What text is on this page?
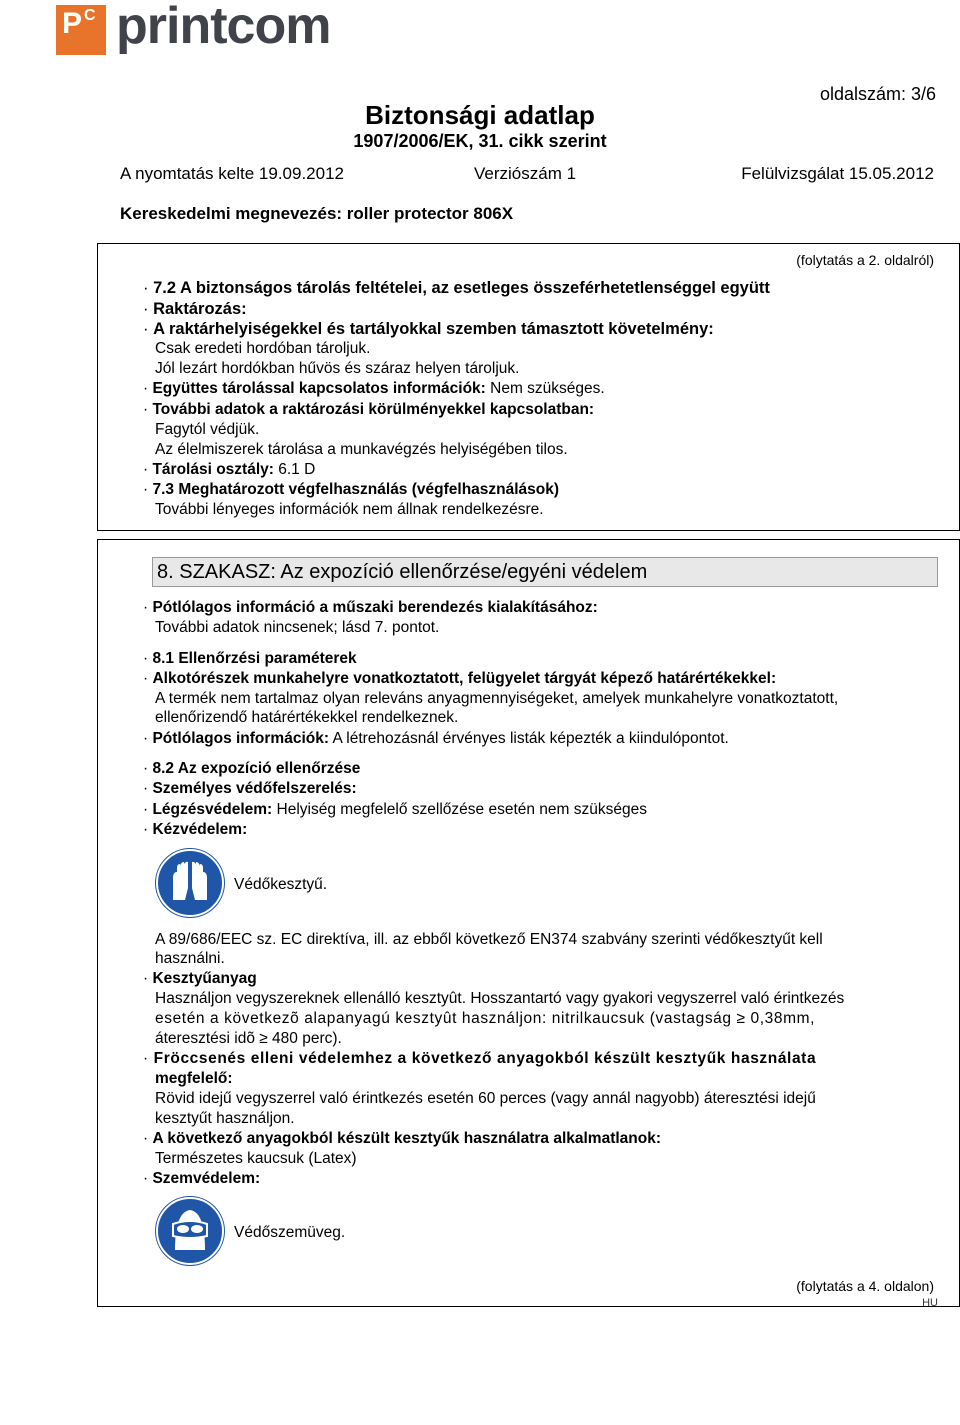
P C printcom
oldalszám: 3/6
Biztonsági adatlap
1907/2006/EK, 31. cikk szerint
A nyomtatás kelte 19.09.2012	Verziószám 1	Felülvizsgálat 15.05.2012
Kereskedelmi megnevezés: roller protector 806X
(folytatás a 2. oldalról)
· 7.2 A biztonságos tárolás feltételei, az esetleges összeférhetetlenséggel együtt
· Raktározás:
· A raktárhelyiségekkel és tartályokkal szemben támasztott követelmény:
Csak eredeti hordóban tároljuk.
Jól lezárt hordókban hűvös és száraz helyen tároljuk.
· Együttes tárolással kapcsolatos információk: Nem szükséges.
· További adatok a raktározási körülményekkel kapcsolatban:
Fagytól védjük.
Az élelmiszerek tárolása a munkavégzés helyiségében tilos.
· Tárolási osztály: 6.1 D
· 7.3 Meghatározott végfelhasználás (végfelhasználások)
További lényeges információk nem állnak rendelkezésre.
8. SZAKASZ: Az expozíció ellenőrzése/egyéni védelem
· Pótlólagos információ a műszaki berendezés kialakításához:
További adatok nincsenek; lásd 7. pontot.
· 8.1 Ellenőrzési paraméterek
· Alkotórészek munkahelyre vonatkoztatott, felügyelet tárgyát képező határértékekkel:
A termék nem tartalmaz olyan releváns anyagmennyiségeket, amelyek munkahelyre vonatkoztatott,
ellenőrizendő határértékekkel rendelkeznek.
· Pótlólagos információk: A létrehozásnál érvényes listák képezték a kiindulópontot.
· 8.2 Az expozíció ellenőrzése
· Személyes védőfelszerelés:
· Légzésvédelem: Helyiség megfelelő szellőzése esetén nem szükséges
· Kézvédelem:
Védőkesztyű.
A 89/686/EEC sz. EC direktíva, ill. az ebből következő EN374 szabvány szerinti védőkesztyűt kell
használni.
· Kesztyűanyag
Használjon vegyszereknek ellenálló kesztyût. Hosszantartó vagy gyakori vegyszerrel való érintkezés
esetén a következõ alapanyagú kesztyût használjon: nitrilkaucsuk (vastagság ≥ 0,38mm,
áteresztési idõ ≥ 480 perc).
· Fröccsenés elleni védelemhez a következő anyagokból készült kesztyűk használata
megfelelő:
Rövid idejű vegyszerrel való érintkezés esetén 60 perces (vagy annál nagyobb) áteresztési idejű
kesztyűt használjon.
· A következő anyagokból készült kesztyűk használatra alkalmatlanok:
Természetes kaucsuk (Latex)
· Szemvédelem:
Védőszemüveg.
(folytatás a 4. oldalon)
HU
